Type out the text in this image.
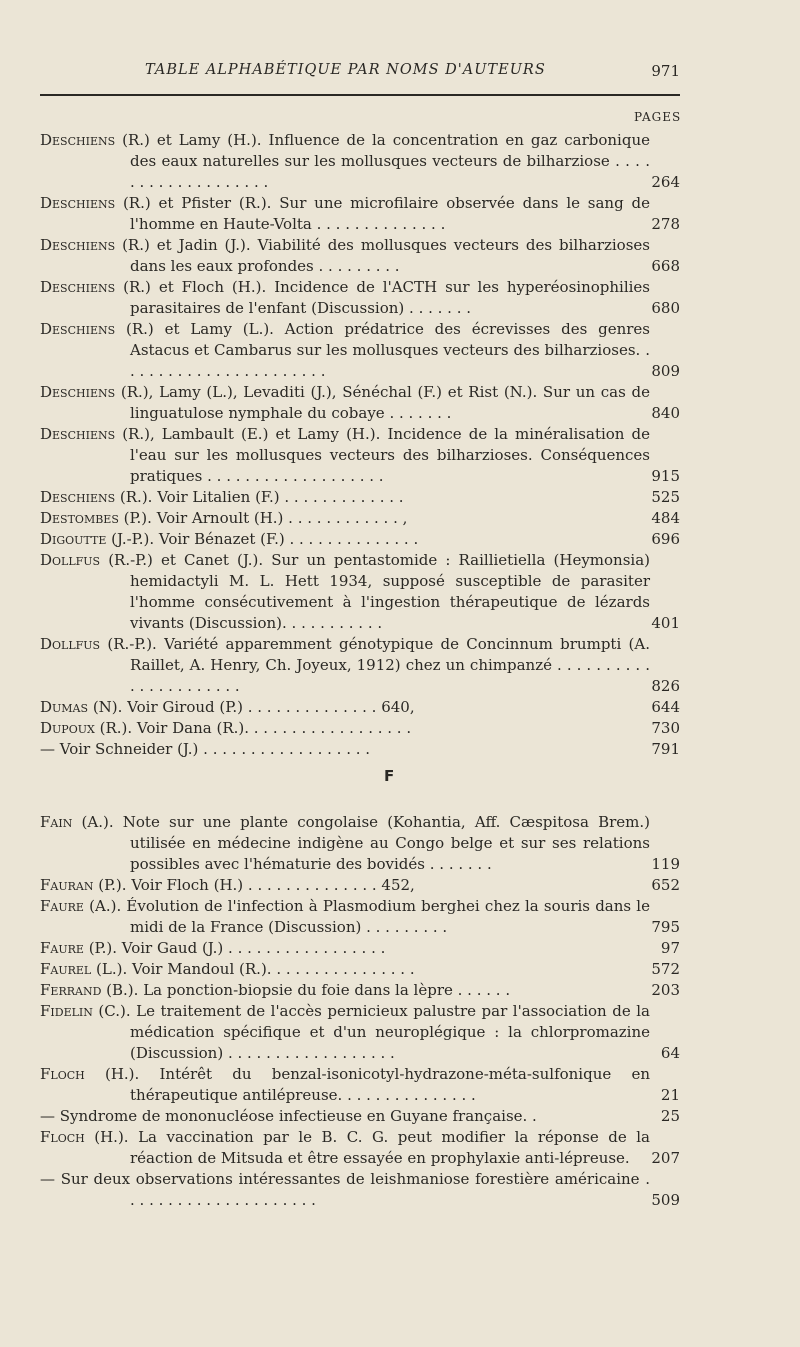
TABLE ALPHABÉTIQUE PAR NOMS D'AUTEURS	971
PAGES
Deschiens (R.) et Lamy (H.). Influence de la concentration en gaz carbonique des eaux naturelles sur les mollusques vecteurs de bilharziose . . . . . . . . . . . . . . . . . . .	264
Deschiens (R.) et Pfister (R.). Sur une microfilaire observée dans le sang de l'homme en Haute-Volta . . . . . . . . . . . . . .	278
Deschiens (R.) et Jadin (J.). Viabilité des mollusques vecteurs des bilharzioses dans les eaux profondes . . . . . . . . .	668
Deschiens (R.) et Floch (H.). Incidence de l'ACTH sur les hyperéosinophilies parasitaires de l'enfant (Discussion) . . . . . . .	680
Deschiens (R.) et Lamy (L.). Action prédatrice des écrevisses des genres Astacus et Cambarus sur les mollusques vecteurs des bilharzioses. . . . . . . . . . . . . . . . . . . . . . .	809
Deschiens (R.), Lamy (L.), Levaditi (J.), Sénéchal (F.) et Rist (N.). Sur un cas de linguatulose nymphale du cobaye . . . . . . .	840
Deschiens (R.), Lambault (E.) et Lamy (H.). Incidence de la minéralisation de l'eau sur les mollusques vecteurs des bilharzioses. Conséquences pratiques . . . . . . . . . . . . . . . . . . .	915
Deschiens (R.). Voir Litalien (F.) . . . . . . . . . . . . .	525
Destombes (P.). Voir Arnoult (H.) . . . . . . . . . . . . ,	484
Digoutte (J.-P.). Voir Bénazet (F.) . . . . . . . . . . . . . .	696
Dollfus (R.-P.) et Canet (J.). Sur un pentastomide : Raillietiella (Heymonsia) hemidactyli M. L. Hett 1934, supposé susceptible de parasiter l'homme consécutivement à l'ingestion thérapeutique de lézards vivants (Discussion). . . . . . . . . . .	401
Dollfus (R.-P.). Variété apparemment génotypique de Concinnum brumpti (A. Raillet, A. Henry, Ch. Joyeux, 1912) chez un chimpanzé . . . . . . . . . . . . . . . . . . . . . .	826
Dumas (N). Voir Giroud (P.) . . . . . . . . . . . . . . 640,	644
Dupoux (R.). Voir Dana (R.). . . . . . . . . . . . . . . . . .	730
— Voir Schneider (J.) . . . . . . . . . . . . . . . . . .	791
F
Fain (A.). Note sur une plante congolaise (Kohantia, Aff. Cæspitosa Brem.) utilisée en médecine indigène au Congo belge et sur ses relations possibles avec l'hématurie des bovidés . . . . . . .	119
Fauran (P.). Voir Floch (H.) . . . . . . . . . . . . . . 452,	652
Faure (A.). Évolution de l'infection à Plasmodium berghei chez la souris dans le midi de la France (Discussion) . . . . . . . . .	795
Faure (P.). Voir Gaud (J.) . . . . . . . . . . . . . . . . .	97
Faurel (L.). Voir Mandoul (R.). . . . . . . . . . . . . . . .	572
Ferrand (B.). La ponction-biopsie du foie dans la lèpre . . . . . .	203
Fidelin (C.). Le traitement de l'accès pernicieux palustre par l'association de la médication spécifique et d'un neuroplégique : la chlorpromazine (Discussion) . . . . . . . . . . . . . . . . . .	64
Floch (H.). Intérêt du benzal-isonicotyl-hydrazone-méta-sulfonique en thérapeutique antilépreuse. . . . . . . . . . . . . . .	21
— Syndrome de mononucléose infectieuse en Guyane française. .	25
Floch (H.). La vaccination par le B. C. G. peut modifier la réponse de la réaction de Mitsuda et être essayée en prophylaxie anti-lépreuse.	207
— Sur deux observations intéressantes de leishmaniose forestière américaine . . . . . . . . . . . . . . . . . . . . .	509
